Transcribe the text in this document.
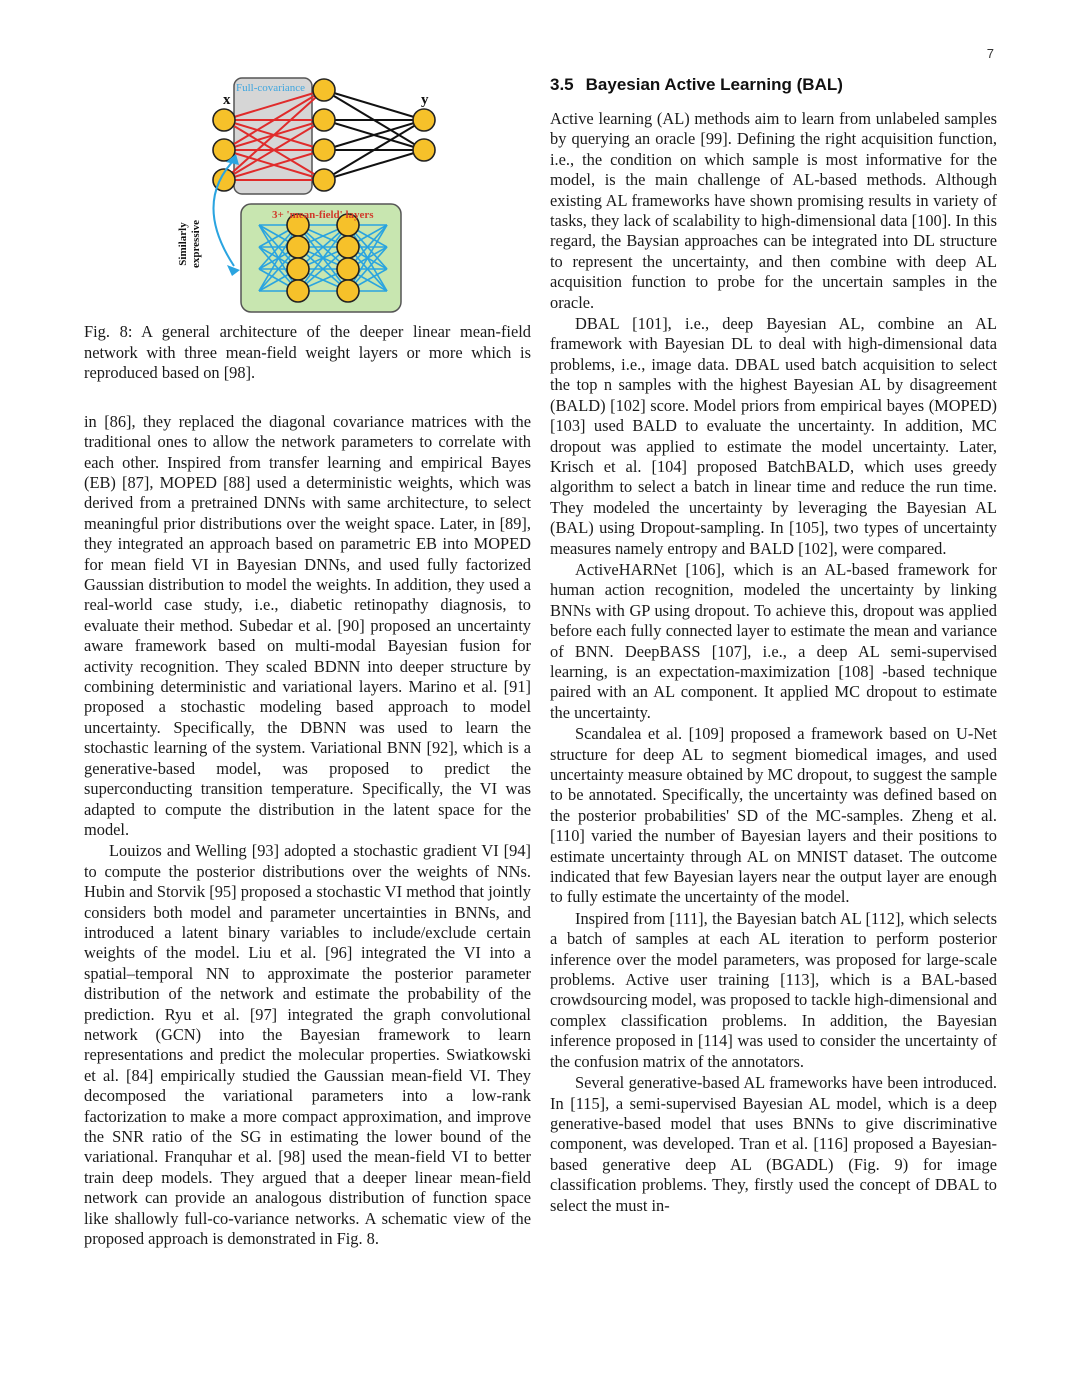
7
x	y
Full-covariance
3+ 'mean-field' layers
Similarly expressive

Fig. 8: A general architecture of the deeper linear mean-field network with three mean-field weight layers or more which is reproduced based on [98].

in [86], they replaced the diagonal covariance matrices with the traditional ones to allow the network parameters to correlate with each other. Inspired from transfer learning and empirical Bayes (EB) [87], MOPED [88] used a deterministic weights, which was derived from a pretrained DNNs with same architecture, to select meaningful prior distributions over the weight space. Later, in [89], they integrated an approach based on parametric EB into MOPED for mean field VI in Bayesian DNNs, and used fully factorized Gaussian distribution to model the weights. In addition, they used a real-world case study, i.e., diabetic retinopathy diagnosis, to evaluate their method. Subedar et al. [90] proposed an uncertainty aware framework based on multi-modal Bayesian fusion for activity recognition. They scaled BDNN into deeper structure by combining deterministic and variational layers. Marino et al. [91] proposed a stochastic modeling based approach to model uncertainty. Specifically, the DBNN was used to learn the stochastic learning of the system. Variational BNN [92], which is a generative-based model, was proposed to predict the superconducting transition temperature. Specifically, the VI was adapted to compute the distribution in the latent space for the model.

Louizos and Welling [93] adopted a stochastic gradient VI [94] to compute the posterior distributions over the weights of NNs. Hubin and Storvik [95] proposed a stochastic VI method that jointly considers both model and parameter uncertainties in BNNs, and introduced a latent binary variables to include/exclude certain weights of the model. Liu et al. [96] integrated the VI into a spatial–temporal NN to approximate the posterior parameter distribution of the network and estimate the probability of the prediction. Ryu et al. [97] integrated the graph convolutional network (GCN) into the Bayesian framework to learn representations and predict the molecular properties. Swiatkowski et al. [84] empirically studied the Gaussian mean-field VI. They decomposed the variational parameters into a low-rank factorization to make a more compact approximation, and improve the SNR ratio of the SG in estimating the lower bound of the variational. Franquhar et al. [98] used the mean-field VI to better train deep models. They argued that a deeper linear mean-field network can provide an analogous distribution of function space like shallowly full-co-variance networks. A schematic view of the proposed approach is demonstrated in Fig. 8.

3.5 Bayesian Active Learning (BAL)

Active learning (AL) methods aim to learn from unlabeled samples by querying an oracle [99]. Defining the right acquisition function, i.e., the condition on which sample is most informative for the model, is the main challenge of AL-based methods. Although existing AL frameworks have shown promising results in variety of tasks, they lack of scalability to high-dimensional data [100]. In this regard, the Baysian approaches can be integrated into DL structure to represent the uncertainty, and then combine with deep AL acquisition function to probe for the uncertain samples in the oracle.

DBAL [101], i.e., deep Bayesian AL, combine an AL framework with Bayesian DL to deal with high-dimensional data problems, i.e., image data. DBAL used batch acquisition to select the top n samples with the highest Bayesian AL by disagreement (BALD) [102] score. Model priors from empirical bayes (MOPED) [103] used BALD to evaluate the uncertainty. In addition, MC dropout was applied to estimate the model uncertainty. Later, Krisch et al. [104] proposed BatchBALD, which uses greedy algorithm to select a batch in linear time and reduce the run time. They modeled the uncertainty by leveraging the Bayesian AL (BAL) using Dropout-sampling. In [105], two types of uncertainty measures namely entropy and BALD [102], were compared.

ActiveHARNet [106], which is an AL-based framework for human action recognition, modeled the uncertainty by linking BNNs with GP using dropout. To achieve this, dropout was applied before each fully connected layer to estimate the mean and variance of BNN. DeepBASS [107], i.e., a deep AL semi-supervised learning, is an expectation-maximization [108] -based technique paired with an AL component. It applied MC dropout to estimate the uncertainty.

Scandalea et al. [109] proposed a framework based on U-Net structure for deep AL to segment biomedical images, and used uncertainty measure obtained by MC dropout, to suggest the sample to be annotated. Specifically, the uncertainty was defined based on the posterior probabilities' SD of the MC-samples. Zheng et al. [110] varied the number of Bayesian layers and their positions to estimate uncertainty through AL on MNIST dataset. The outcome indicated that few Bayesian layers near the output layer are enough to fully estimate the uncertainty of the model.

Inspired from [111], the Bayesian batch AL [112], which selects a batch of samples at each AL iteration to perform posterior inference over the model parameters, was proposed for large-scale problems. Active user training [113], which is a BAL-based crowdsourcing model, was proposed to tackle high-dimensional and complex classification problems. In addition, the Bayesian inference proposed in [114] was used to consider the uncertainty of the confusion matrix of the annotators.

Several generative-based AL frameworks have been introduced. In [115], a semi-supervised Bayesian AL model, which is a deep generative-based model that uses BNNs to give discriminative component, was developed. Tran et al. [116] proposed a Bayesian-based generative deep AL (BGADL) (Fig. 9) for image classification problems. They, firstly used the concept of DBAL to select the must in-
